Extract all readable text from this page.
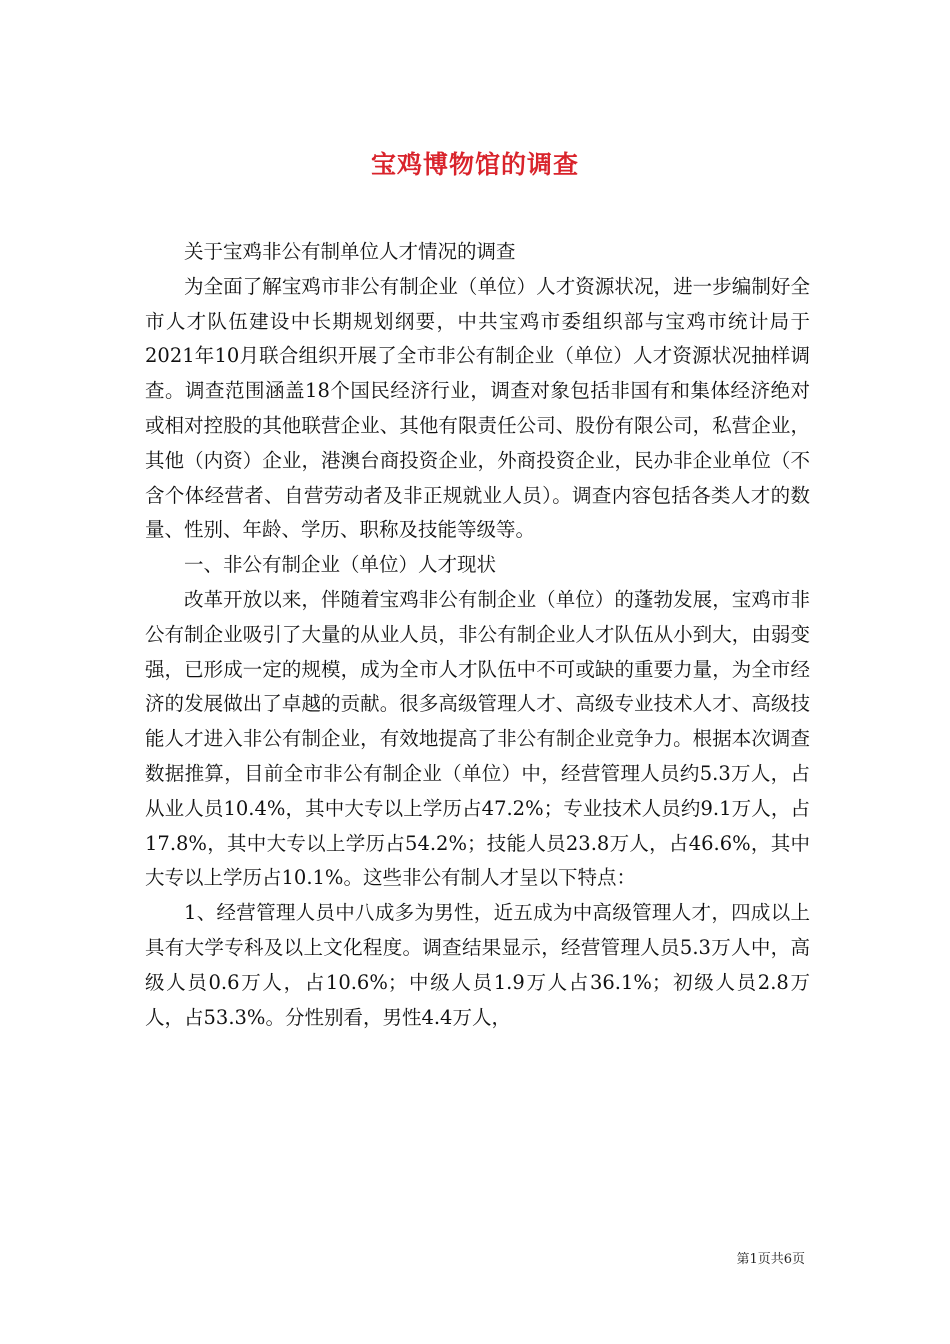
宝鸡博物馆的调查

关于宝鸡非公有制单位人才情况的调查

为全面了解宝鸡市非公有制企业（单位）人才资源状况，进一步编制好全市人才队伍建设中长期规划纲要，中共宝鸡市委组织部与宝鸡市统计局于2021年10月联合组织开展了全市非公有制企业（单位）人才资源状况抽样调查。调查范围涵盖18个国民经济行业，调查对象包括非国有和集体经济绝对或相对控股的其他联营企业、其他有限责任公司、股份有限公司，私营企业，其他（内资）企业，港澳台商投资企业，外商投资企业，民办非企业单位（不含个体经营者、自营劳动者及非正规就业人员）。调查内容包括各类人才的数量、性别、年龄、学历、职称及技能等级等。

一、非公有制企业（单位）人才现状

改革开放以来，伴随着宝鸡非公有制企业（单位）的蓬勃发展，宝鸡市非公有制企业吸引了大量的从业人员，非公有制企业人才队伍从小到大，由弱变强，已形成一定的规模，成为全市人才队伍中不可或缺的重要力量，为全市经济的发展做出了卓越的贡献。很多高级管理人才、高级专业技术人才、高级技能人才进入非公有制企业，有效地提高了非公有制企业竞争力。根据本次调查数据推算，目前全市非公有制企业（单位）中，经营管理人员约5.3万人，占从业人员10.4%，其中大专以上学历占47.2%；专业技术人员约9.1万人，占17.8%，其中大专以上学历占54.2%；技能人员23.8万人，占46.6%，其中大专以上学历占10.1%。这些非公有制人才呈以下特点：

1、经营管理人员中八成多为男性，近五成为中高级管理人才，四成以上具有大学专科及以上文化程度。调查结果显示，经营管理人员5.3万人中，高级人员0.6万人，占10.6%；中级人员1.9万人占36.1%；初级人员2.8万人，占53.3%。分性别看，男性4.4万人，

第1页共6页
